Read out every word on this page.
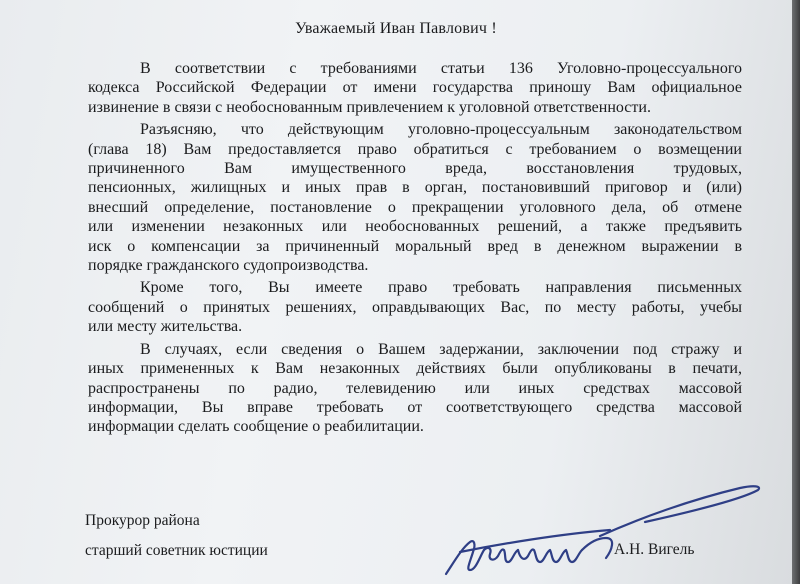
Уважаемый Иван Павлович !
В соответствии с требованиями статьи 136 Уголовно-процессуального
кодекса Российской Федерации от имени государства приношу Вам официальное
извинение в связи с необоснованным привлечением к уголовной ответственности.
Разъясняю, что действующим уголовно-процессуальным законодательством
(глава 18) Вам предоставляется право обратиться с требованием о возмещении
причиненного Вам имущественного вреда, восстановления трудовых,
пенсионных, жилищных и иных прав в орган, постановивший приговор и (или)
внесший определение, постановление о прекращении уголовного дела, об отмене
или изменении незаконных или необоснованных решений, а также предъявить
иск о компенсации за причиненный моральный вред в денежном выражении в
порядке гражданского судопроизводства.
Кроме того, Вы имеете право требовать направления письменных
сообщений о принятых решениях, оправдывающих Вас, по месту работы, учебы
или месту жительства.
В случаях, если сведения о Вашем задержании, заключении под стражу и
иных примененных к Вам незаконных действиях были опубликованы в печати,
распространены по радио, телевидению или иных средствах массовой
информации, Вы вправе требовать от соответствующего средства массовой
информации сделать сообщение о реабилитации.
Прокурор района
старший советник юстиции	А.Н. Вигель
